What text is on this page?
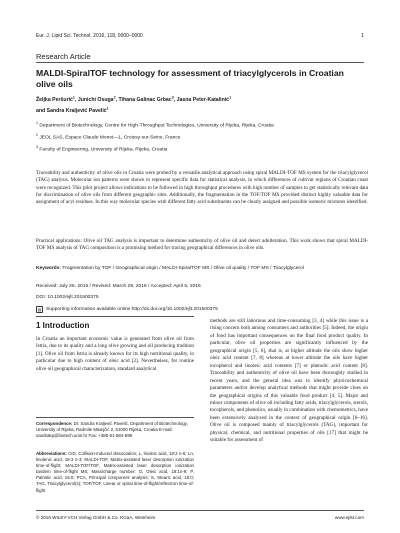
Eur. J. Lipid Sci. Technol. 2016, 118, 0000–0000	1
Research Article
MALDI-SpiralTOF technology for assessment of triacylglycerols in Croatian olive oils
Željka Peršurić$^1$, Junichi Osuga$^2$, Tihana Galinac Grbac$^3$, Jasna Peter-Katalinić$^1$
and Sandra Kraljević Pavelić$^1$
$^1$ Department of Biotechnology, Centre for High-Throughput Technologies, University of Rijeka, Rijeka, Croatia
$^2$ JEOL SAS, Espace Claude Monet—1, Croissy-sur-Seine, France
$^3$ Faculty of Engineering, University of Rijeka, Rijeka, Croatia
Traceability and authenticity of olive oils in Croatia were probed by a versatile analytical approach using spiral MALDI-TOF MS system for the triacylglycerol (TAG) analysis. Molecular ion patterns were shown to represent specific data for statistical analysis, in which differences of cultivar regions of Croatian coast were recognized. This pilot project allows indications to be followed in high throughput procedures with high number of samples to get statistically relevant data for discrimination of olive oils from different geographic sites. Additionally, the fragmentation in the TOF/TOF MS provided distinct highly valuable data for assignment of acyl residues. In this way molecular species with different fatty acid substituents can be clearly assigned and possible isomeric mixtures identified.
Practical applications: Olive oil TAG analysis is important to determine authenticity of olive oil and detect adulteration. This work shows that spiral MALDI-TOF MS analysis of TAG composition is a promising method for tracing geographical differences in olive oils.
Keywords: Fragmentation by TOF / Geographical origin / MALDI-SpiralTOF MS / Olive oil quality / TOF MS / Triacylglycerol
Received: July 26, 2015 / Revised: March 29, 2016 / Accepted: April 5, 2016
DOI: 10.1002/ejlt.201500375
▤ Supporting information available online http://dx.doi.org/10.1002/ejlt.201500375
1 Introduction
In Croatia an important economic value is generated from olive oil from Istria, due to its quality and a long olive growing and oil producing tradition [1]. Olive oil from Istria is already known for its high nutritional quality, in particular due to high content of oleic acid [2]. Nevertheless, for routine olive oil geographical characterization, standard analytical
methods are still laborious and time-consuming [3, 4] while this issue is a rising concern both among consumers and authorities [5]. Indeed, the origin of food has important consequences on the final food product quality. In particular, olive oil properties are significantly influenced by the geographical origin [5, 6], that is, at higher altitude the oils show higher oleic acid content [7, 8] whereas at lower altitude the oils have higher tocopherol and linoleic acid contents [7] or phenolic acid content [8]. Traceability and authenticity of olive oil have been thoroughly studied in recent years, and the general idea was to identify physicochemical parameters and/or develop analytical methods that might provide clues on the geographical origins of this valuable food product [4, 5]. Major and minor components of olive oil including fatty acids, triacylglycerols, sterols, tocopherols, and phenolics, usually in combination with chemometrics, have been extensively analyzed in the context of geographical origin [6–16]. Olive oil is composed mainly of triacylglycerols (TAG), important for physical, chemical, and nutritional properties of oils [17] that might be suitable for assessment of
Correspondence: Dr. Sandra Kraljević Pavelić, Department of Biotechnology, University of Rijeka, Radmile Matejčić 2, 51000 Rijeka, Croatia E-mail: sandrakp@biotech.uniri.hr Fax: +385-51-584-599
Abbreviations: CID, Collision-induced dissociation; L, linoleic acid, 18:2 n-6; Ln, linolenic acid, 18:3 n-3; MALDI-TOF, Matrix-assisted laser desorption ionization time-of-flight; MALDI-TOF/TOF, Matrix-assisted laser desorption ionization tandem time-of-flight MS; Mass/charge number; O, Oleic acid, 18:1n-9; P, Palmitic acid, 16:0; PCA, Principal component analysis; S, Stearic acid, 18:0; TAG, Triacylglycerol(s); TOF/TOF, Linear or spiral time-of-flight/reflectron time-of-flight
© 2016 WILEY-VCH Verlag GmbH & Co. KGaA, Weinheim	www.ejlst.com
